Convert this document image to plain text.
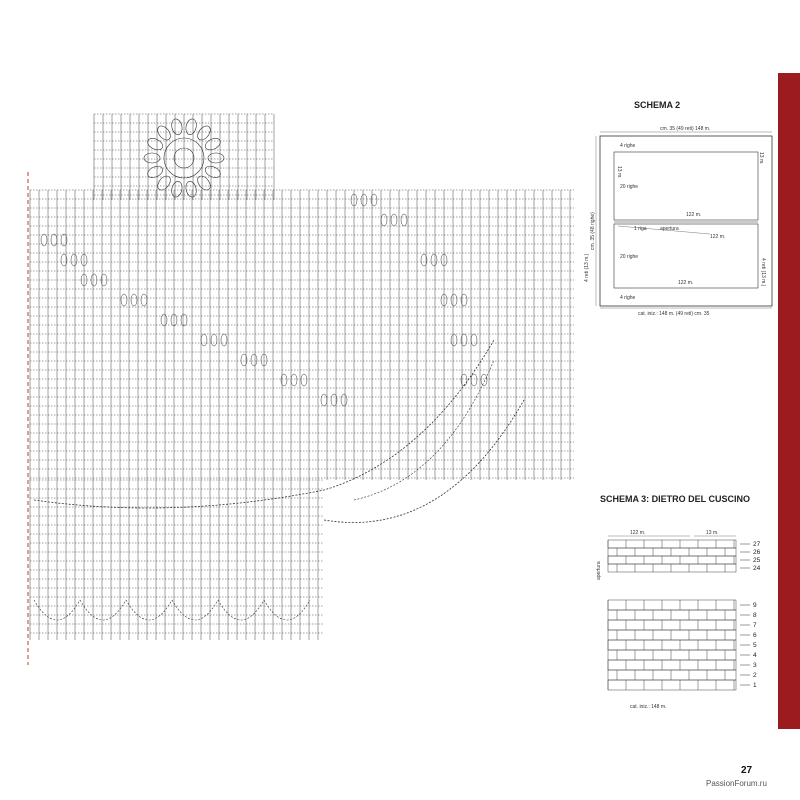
SCHEMA 2
cm. 35 (49 reti) 148 m.
cm. 35 (48 righe)
4 righe
13 m.
13 m.
20 righe
122 m.
1 riga	apertura
122 m.
20 righe
4 reti (13 m.)	4 reti (13 m.)
122 m.
4 righe
cat. iniz.: 148 m. (49 reti) cm. 35
SCHEMA 3: DIETRO DEL CUSCINO
122 m.	13 m.
apertura
cat. iniz.: 148 m.
27
26
25
24
9
8
7
6
5
4
3
2
1
27
PassionForum.ru
